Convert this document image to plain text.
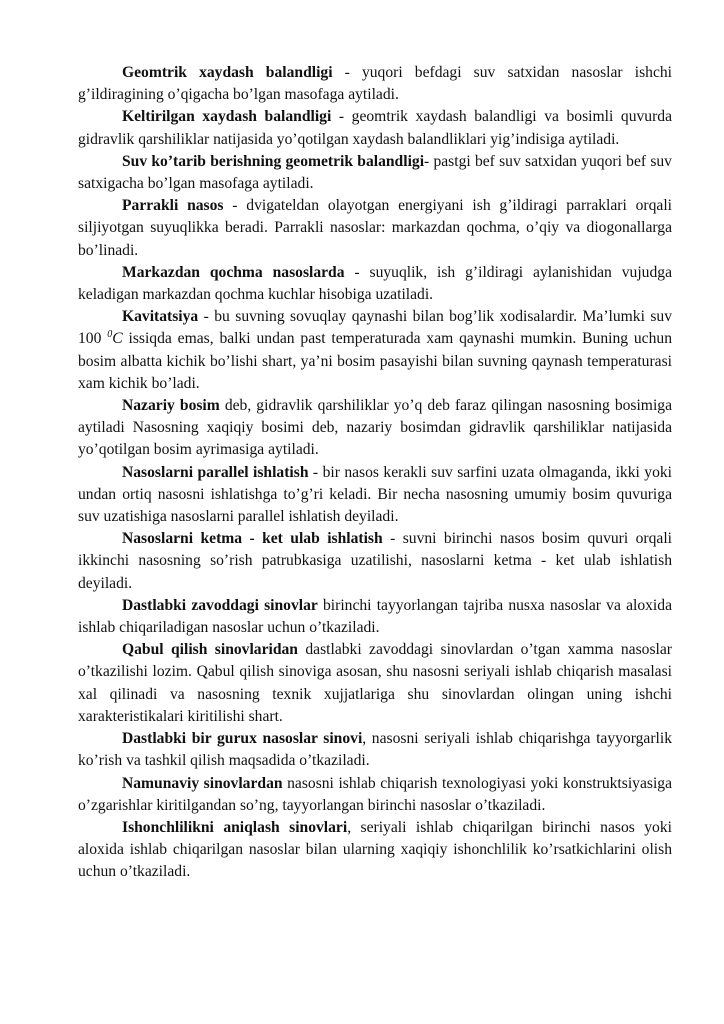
Geomtrik xaydash balandligi - yuqori befdagi suv satxidan nasoslar ishchi g’ildiragining o’qigacha bo’lgan masofaga aytiladi.

Keltirilgan xaydash balandligi - geomtrik xaydash balandligi va bosimli quvurda gidravlik qarshiliklar natijasida yo’qotilgan xaydash balandliklari yig’indisiga aytiladi.

Suv ko’tarib berishning geometrik balandligi- pastgi bef suv satxidan yuqori bef suv satxigacha bo’lgan masofaga aytiladi.

Parrakli nasos - dvigateldan olayotgan energiyani ish g’ildiragi parraklari orqali siljiyotgan suyuqlikka beradi. Parrakli nasoslar: markazdan qochma, o’qiy va diogonallarga bo’linadi.

Markazdan qochma nasoslarda - suyuqlik, ish g’ildiragi aylanishidan vujudga keladigan markazdan qochma kuchlar hisobiga uzatiladi.

Kavitatsiya - bu suvning sovuqlay qaynashi bilan bog’lik xodisalardir. Ma’lumki suv 100 $^0$C issiqda emas, balki undan past temperaturada xam qaynashi mumkin. Buning uchun bosim albatta kichik bo’lishi shart, ya’ni bosim pasayishi bilan suvning qaynash temperaturasi xam kichik bo’ladi.

Nazariy bosim deb, gidravlik qarshiliklar yo’q deb faraz qilingan nasosning bosimiga aytiladi Nasosning xaqiqiy bosimi deb, nazariy bosimdan gidravlik qarshiliklar natijasida yo’qotilgan bosim ayrimasiga aytiladi.

Nasoslarni parallel ishlatish - bir nasos kerakli suv sarfini uzata olmaganda, ikki yoki undan ortiq nasosni ishlatishga to’g’ri keladi. Bir necha nasosning umumiy bosim quvuriga suv uzatishiga nasoslarni parallel ishlatish deyiladi.

Nasoslarni ketma - ket ulab ishlatish - suvni birinchi nasos bosim quvuri orqali ikkinchi nasosning so’rish patrubkasiga uzatilishi, nasoslarni ketma - ket ulab ishlatish deyiladi.

Dastlabki zavoddagi sinovlar birinchi tayyorlangan tajriba nusxa nasoslar va aloxida ishlab chiqariladigan nasoslar uchun o’tkaziladi.

Qabul qilish sinovlaridan dastlabki zavoddagi sinovlardan o’tgan xamma nasoslar o’tkazilishi lozim. Qabul qilish sinoviga asosan, shu nasosni seriyali ishlab chiqarish masalasi xal qilinadi va nasosning texnik xujjatlariga shu sinovlardan olingan uning ishchi xarakteristikalari kiritilishi shart.

Dastlabki bir gurux nasoslar sinovi, nasosni seriyali ishlab chiqarishga tayyorgarlik ko’rish va tashkil qilish maqsadida o’tkaziladi.

Namunaviy sinovlardan nasosni ishlab chiqarish texnologiyasi yoki konstruktsiyasiga o’zgarishlar kiritilgandan so’ng, tayyorlangan birinchi nasoslar o’tkaziladi.

Ishonchlilikni aniqlash sinovlari, seriyali ishlab chiqarilgan birinchi nasos yoki aloxida ishlab chiqarilgan nasoslar bilan ularning xaqiqiy ishonchlilik ko’rsatkichlarini olish uchun o’tkaziladi.
